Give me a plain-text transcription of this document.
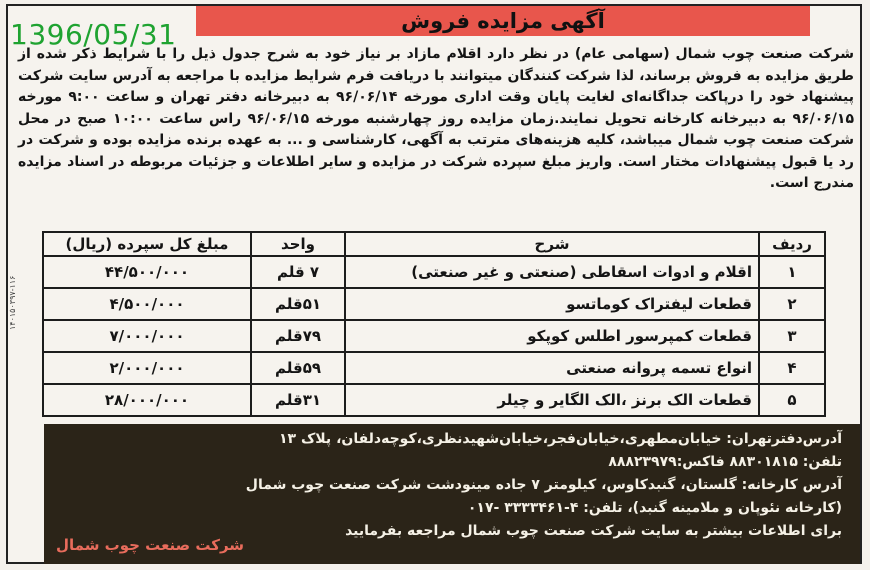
آگهی مزایده فروش
1396/05/31
شرکت صنعت چوب شمال (سهامی عام) در نظر دارد اقلام مازاد بر نیاز خود به شرح جدول ذیل را با شرایط ذکر شده از طریق مزایده به فروش برساند، لذا شرکت کنندگان میتوانند با دریافت فرم شرایط مزایده با مراجعه به آدرس سایت شرکت پیشنهاد خود را درپاکت جداگانه‌ای لغایت پایان وقت اداری مورخه ۹۶/۰۶/۱۴ به دبیرخانه دفتر تهران و ساعت ۹:۰۰ مورخه ۹۶/۰۶/۱۵ به دبیرخانه کارخانه تحویل نمایند.زمان مزایده روز چهارشنبه مورخه ۹۶/۰۶/۱۵ راس ساعت ۱۰:۰۰ صبح در محل شرکت صنعت چوب شمال میباشد، کلیه هزینه‌های مترتب به آگهی، کارشناسی و ... به عهده برنده مزایده بوده و شرکت در رد یا قبول پیشنهادات مختار است. واریز مبلغ سپرده شرکت در مزایده و سایر اطلاعات و جزئیات مربوطه در اسناد مزایده مندرج است.
ردیف	شرح	واحد	مبلغ کل سپرده (ریال)
۱	اقلام و ادوات اسقاطی (صنعتی و غیر صنعتی)	۷ قلم	۴۴/۵۰۰/۰۰۰
۲	قطعات لیفتراک کوماتسو	۵۱قلم	۴/۵۰۰/۰۰۰
۳	قطعات کمپرسور اطلس کوپکو	۷۹قلم	۷/۰۰۰/۰۰۰
۴	انواع تسمه پروانه صنعتی	۵۹قلم	۲/۰۰۰/۰۰۰
۵	قطعات الک برنز ،الک الگایر و چیلر	۳۱قلم	۲۸/۰۰۰/۰۰۰
۱۴۰۱۵۰۳۹۷-۱۱۶
آدرس‌دفترتهران: خیابان‌مطهری،خیابان‌فجر،خیابان‌شهیدنظری،کوچه‌دلفان، پلاک ۱۳
تلفن: ۸۸۳۰۱۸۱۵ فاکس:۸۸۸۲۳۹۷۹
آدرس کارخانه: گلستان، گنبدکاوس، کیلومتر ۷ جاده مینودشت شرکت صنعت چوب شمال
(کارخانه نئوپان و ملامینه گنبد)، تلفن: ۴-۳۳۳۳۴۶۱ -۰۱۷
برای اطلاعات بیشتر به سایت شرکت صنعت چوب شمال مراجعه بفرمایید
شرکت صنعت چوب شمال
